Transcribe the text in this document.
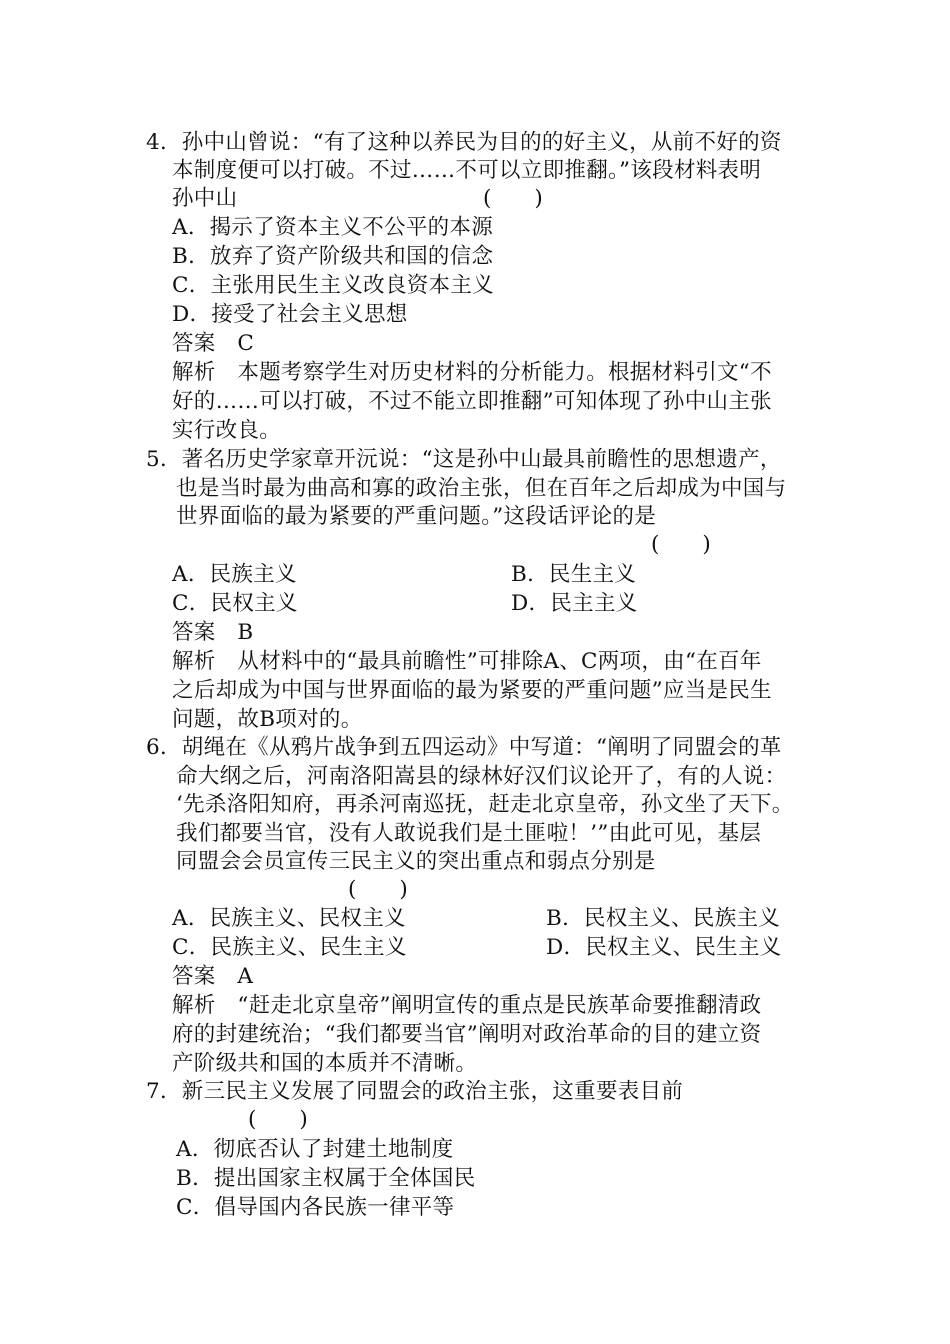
4．孙中山曾说：“有了这种以养民为目的的好主义，从前不好的资
本制度便可以打破。不过……不可以立即推翻。”该段材料表明
孙中山	(　　)
A．揭示了资本主义不公平的本源
B．放弃了资产阶级共和国的信念
C．主张用民生主义改良资本主义
D．接受了社会主义思想
答案　C
解析　本题考察学生对历史材料的分析能力。根据材料引文“不
好的……可以打破，不过不能立即推翻”可知体现了孙中山主张
实行改良。
5．著名历史学家章开沅说：“这是孙中山最具前瞻性的思想遗产，
也是当时最为曲高和寡的政治主张，但在百年之后却成为中国与
世界面临的最为紧要的严重问题。”这段话评论的是
(　　)
A．民族主义	B．民生主义
C．民权主义	D．民主主义
答案　B
解析　从材料中的“最具前瞻性”可排除A、C两项，由“在百年
之后却成为中国与世界面临的最为紧要的严重问题”应当是民生
问题，故B项对的。
6．胡绳在《从鸦片战争到五四运动》中写道：“阐明了同盟会的革
命大纲之后，河南洛阳嵩县的绿林好汉们议论开了，有的人说：
‘先杀洛阳知府，再杀河南巡抚，赶走北京皇帝，孙文坐了天下。
我们都要当官，没有人敢说我们是土匪啦！’”由此可见，基层
同盟会会员宣传三民主义的突出重点和弱点分别是
(　　)
A．民族主义、民权主义	B．民权主义、民族主义
C．民族主义、民生主义	D．民权主义、民生主义
答案　A
解析　“赶走北京皇帝”阐明宣传的重点是民族革命要推翻清政
府的封建统治；“我们都要当官”阐明对政治革命的目的建立资
产阶级共和国的本质并不清晰。
7．新三民主义发展了同盟会的政治主张，这重要表目前
(　　)
A．彻底否认了封建土地制度
B．提出国家主权属于全体国民
C．倡导国内各民族一律平等
